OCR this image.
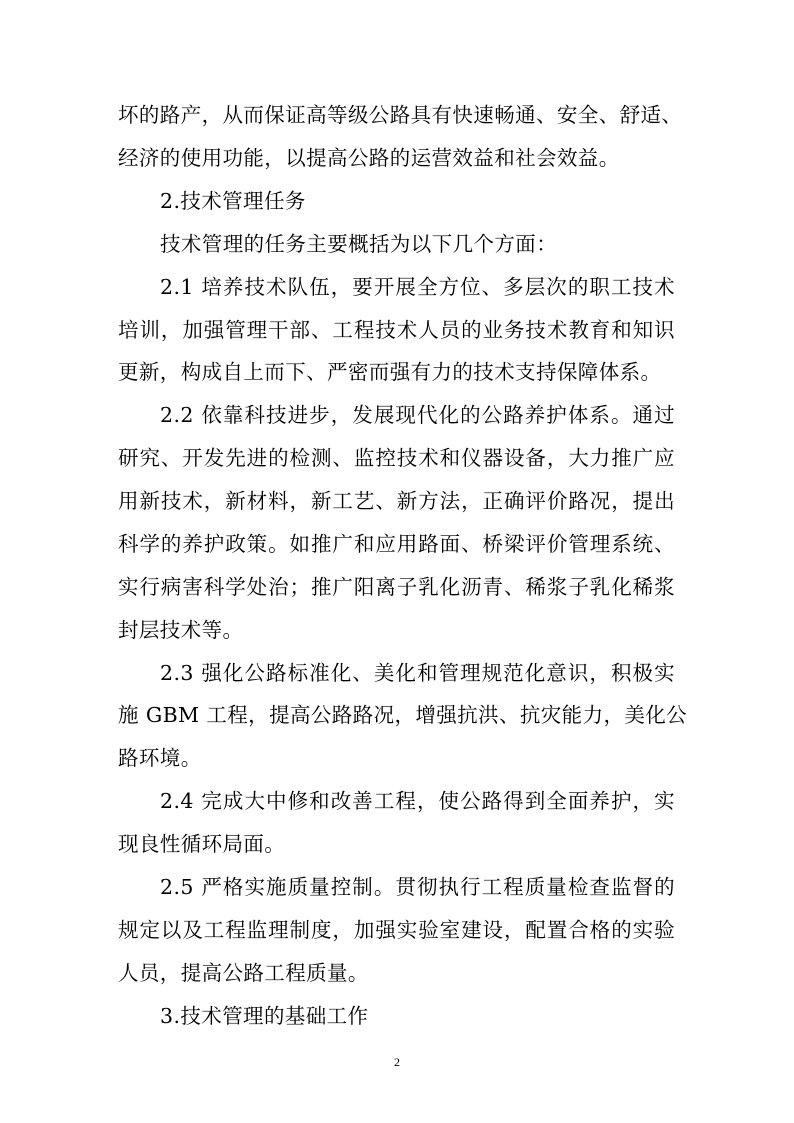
坏的路产，从而保证高等级公路具有快速畅通、安全、舒适、
经济的使用功能，以提高公路的运营效益和社会效益。
2.技术管理任务
技术管理的任务主要概括为以下几个方面：
2.1 培养技术队伍，要开展全方位、多层次的职工技术
培训，加强管理干部、工程技术人员的业务技术教育和知识
更新，构成自上而下、严密而强有力的技术支持保障体系。
2.2 依靠科技进步，发展现代化的公路养护体系。通过
研究、开发先进的检测、监控技术和仪器设备，大力推广应
用新技术，新材料，新工艺、新方法，正确评价路况，提出
科学的养护政策。如推广和应用路面、桥梁评价管理系统、
实行病害科学处治；推广阳离子乳化沥青、稀浆子乳化稀浆
封层技术等。
2.3 强化公路标准化、美化和管理规范化意识，积极实
施 GBM 工程，提高公路路况，增强抗洪、抗灾能力，美化公
路环境。
2.4 完成大中修和改善工程，使公路得到全面养护，实
现良性循环局面。
2.5 严格实施质量控制。贯彻执行工程质量检查监督的
规定以及工程监理制度，加强实验室建设，配置合格的实验
人员，提高公路工程质量。
3.技术管理的基础工作
2
